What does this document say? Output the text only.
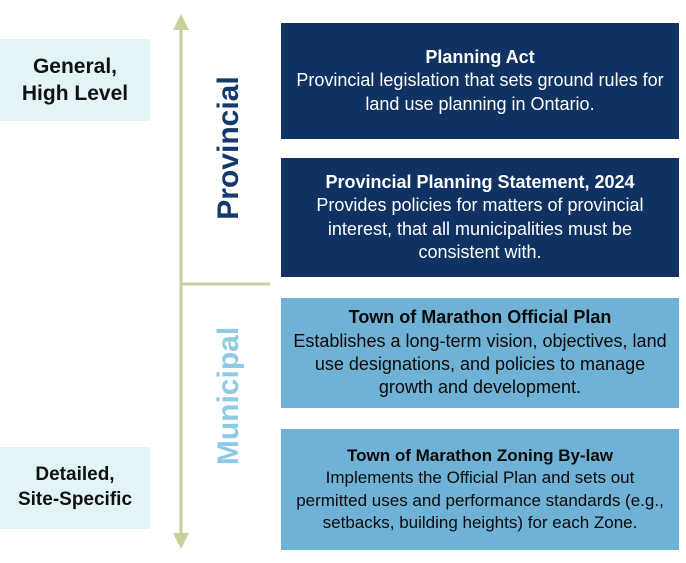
General,
High Level
Detailed,
Site-Specific
Provincial
Municipal
Planning Act
Provincial legislation that sets ground rules for land use planning in Ontario.
Provincial Planning Statement, 2024
Provides policies for matters of provincial interest, that all municipalities must be consistent with.
Town of Marathon Official Plan
Establishes a long-term vision, objectives, land use designations, and policies to manage growth and development.
Town of Marathon Zoning By-law
Implements the Official Plan and sets out permitted uses and performance standards (e.g., setbacks, building heights) for each Zone.
